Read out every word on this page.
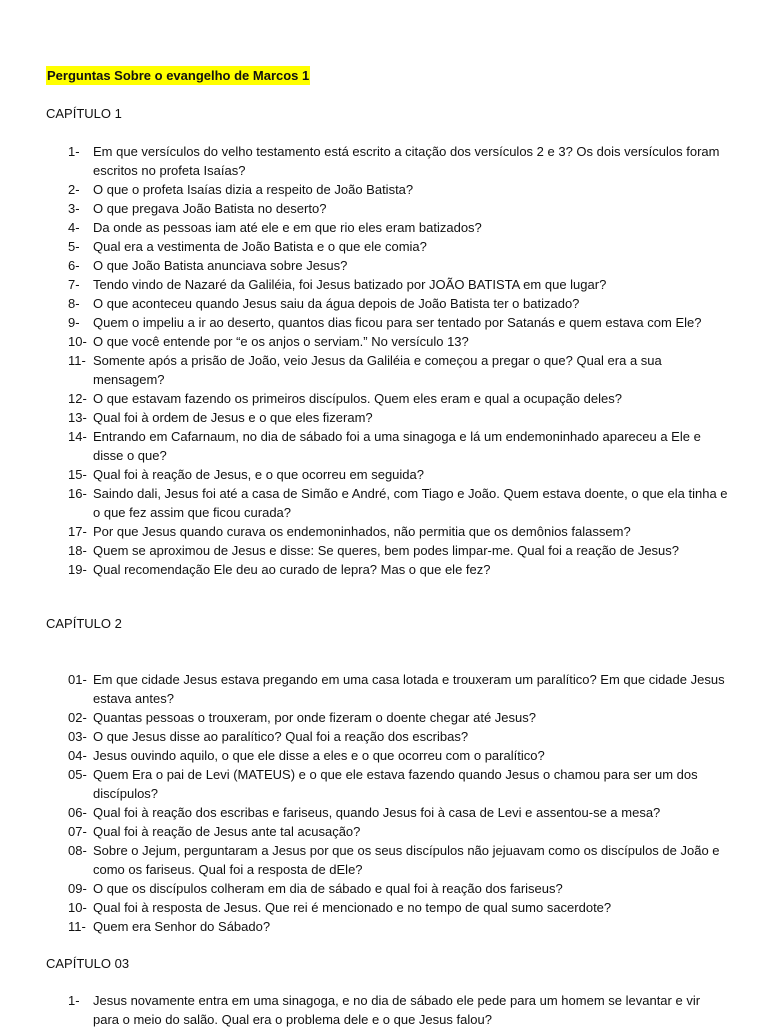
Perguntas Sobre o evangelho de Marcos 1
CAPÍTULO 1
1-	Em que versículos do velho testamento está escrito a citação dos versículos 2 e 3? Os dois versículos foram escritos no profeta Isaías?
2-	O que o profeta Isaías dizia a respeito de João Batista?
3-	O que pregava João Batista no deserto?
4-	Da onde as pessoas iam até ele e em que rio eles eram batizados?
5-	Qual era a vestimenta de João Batista e o que ele comia?
6-	O que João Batista anunciava sobre Jesus?
7-	Tendo vindo de Nazaré da Galiléia, foi Jesus batizado por JOÃO BATISTA em que lugar?
8-	O que aconteceu quando Jesus saiu da água depois de João Batista ter o batizado?
9-	Quem o impeliu a ir ao deserto, quantos dias ficou para ser tentado por Satanás e quem estava com Ele?
10- O que você entende por “e os anjos o serviam.” No versículo 13?
11- Somente após a prisão de João, veio Jesus da Galiléia e começou a pregar o que? Qual era a sua mensagem?
12- O que estavam fazendo os primeiros discípulos. Quem eles eram e qual a ocupação deles?
13- Qual foi à ordem de Jesus e o que eles fizeram?
14- Entrando em Cafarnaum, no dia de sábado foi a uma sinagoga e lá um endemoninhado apareceu a Ele e disse o que?
15- Qual foi à reação de Jesus, e o que ocorreu em seguida?
16- Saindo dali, Jesus foi até a casa de Simão e André, com Tiago e João. Quem estava doente, o que ela tinha e o que fez assim que ficou curada?
17- Por que Jesus quando curava os endemoninhados, não permitia que os demônios falassem?
18- Quem se aproximou de Jesus e disse: Se queres, bem podes limpar-me. Qual foi a reação de Jesus?
19- Qual recomendação Ele deu ao curado de lepra? Mas o que ele fez?
CAPÍTULO 2
01- Em que cidade Jesus estava pregando em uma casa lotada e trouxeram um paralítico? Em que cidade Jesus estava antes?
02- Quantas pessoas o trouxeram, por onde fizeram o doente chegar até Jesus?
03- O que Jesus disse ao paralítico? Qual foi a reação dos escribas?
04- Jesus ouvindo aquilo, o que ele disse a eles e o que ocorreu com o paralítico?
05- Quem Era o pai de Levi (MATEUS) e o que ele estava fazendo quando Jesus o chamou para ser um dos discípulos?
06- Qual foi à reação dos escribas e fariseus, quando Jesus foi à casa de Levi e assentou-se a mesa?
07- Qual foi à reação de Jesus ante tal acusação?
08- Sobre o Jejum, perguntaram a Jesus por que os seus discípulos não jejuavam como os discípulos de João e como os fariseus. Qual foi a resposta de dEle?
09- O que os discípulos colheram em dia de sábado e qual foi à reação dos fariseus?
10- Qual foi à resposta de Jesus. Que rei é mencionado e no tempo de qual sumo sacerdote?
11- Quem era Senhor do Sábado?
CAPÍTULO 03
1-	Jesus novamente entra em uma sinagoga, e no dia de sábado ele pede para um homem se levantar e vir para o meio do salão. Qual era o problema dele e o que Jesus falou?
